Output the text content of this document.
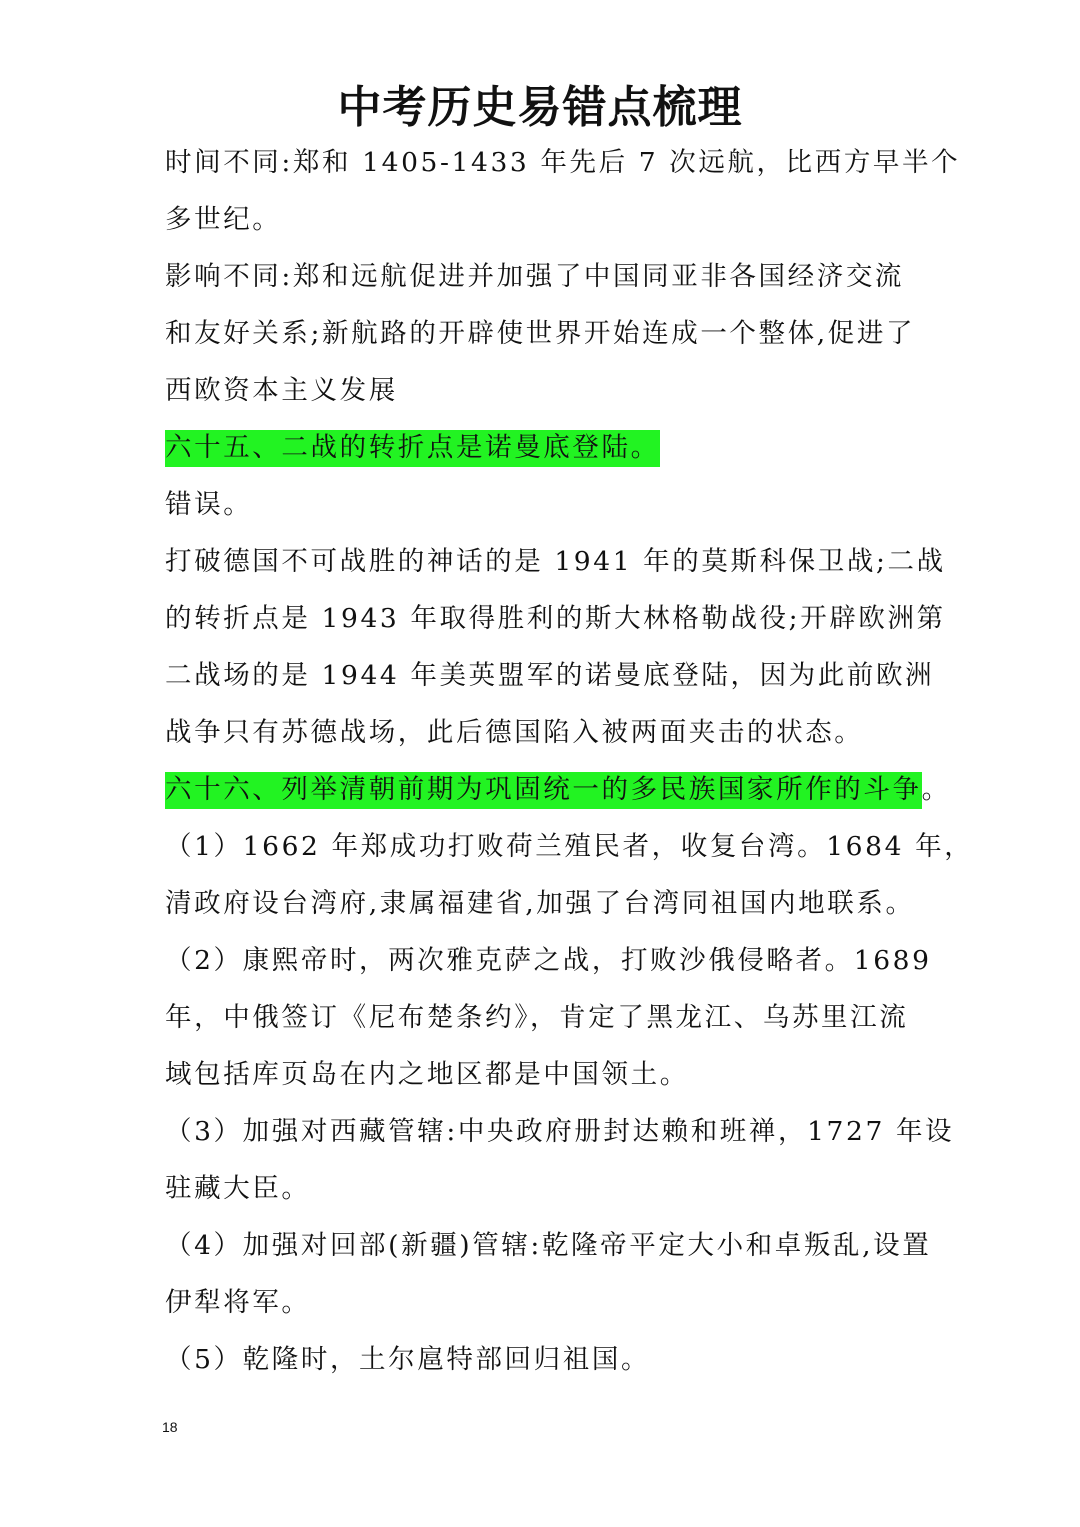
中考历史易错点梳理
时间不同:郑和 1405-1433 年先后 7 次远航，比西方早半个
多世纪。
影响不同:郑和远航促进并加强了中国同亚非各国经济交流
和友好关系;新航路的开辟使世界开始连成一个整体,促进了
西欧资本主义发展
六十五、二战的转折点是诺曼底登陆。
错误。
打破德国不可战胜的神话的是 1941 年的莫斯科保卫战;二战
的转折点是 1943 年取得胜利的斯大林格勒战役;开辟欧洲第
二战场的是 1944 年美英盟军的诺曼底登陆，因为此前欧洲
战争只有苏德战场，此后德国陷入被两面夹击的状态。
六十六、列举清朝前期为巩固统一的多民族国家所作的斗争。
（1）1662 年郑成功打败荷兰殖民者，收复台湾。1684 年，
清政府设台湾府,隶属福建省,加强了台湾同祖国内地联系。
（2）康熙帝时，两次雅克萨之战，打败沙俄侵略者。1689
年，中俄签订《尼布楚条约》，肯定了黑龙江、乌苏里江流
域包括库页岛在内之地区都是中国领土。
（3）加强对西藏管辖:中央政府册封达赖和班禅，1727 年设
驻藏大臣。
（4）加强对回部(新疆)管辖:乾隆帝平定大小和卓叛乱,设置
伊犁将军。
（5）乾隆时，土尔扈特部回归祖国。
18
